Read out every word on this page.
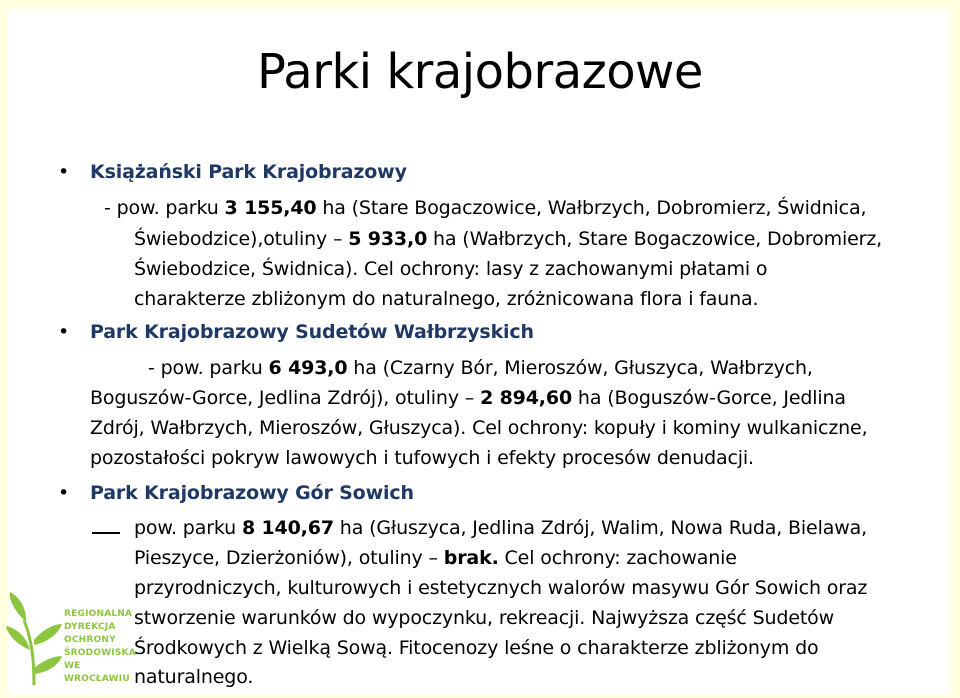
Parki krajobrazowe
• Książański Park Krajobrazowy
- pow. parku 3 155,40 ha (Stare Bogaczowice, Wałbrzych, Dobromierz, Świdnica,
Świebodzice),otuliny – 5 933,0 ha (Wałbrzych, Stare Bogaczowice, Dobromierz,
Świebodzice, Świdnica). Cel ochrony: lasy z zachowanymi płatami o
charakterze zbliżonym do naturalnego, zróżnicowana flora i fauna.
• Park Krajobrazowy Sudetów Wałbrzyskich
- pow. parku 6 493,0 ha (Czarny Bór, Mieroszów, Głuszyca, Wałbrzych,
Boguszów-Gorce, Jedlina Zdrój), otuliny – 2 894,60 ha (Boguszów-Gorce, Jedlina
Zdrój, Wałbrzych, Mieroszów, Głuszyca). Cel ochrony: kopuły i kominy wulkaniczne,
pozostałości pokryw lawowych i tufowych i efekty procesów denudacji.
• Park Krajobrazowy Gór Sowich
pow. parku 8 140,67 ha (Głuszyca, Jedlina Zdrój, Walim, Nowa Ruda, Bielawa,
Pieszyce, Dzierżoniów), otuliny – brak. Cel ochrony: zachowanie
przyrodniczych, kulturowych i estetycznych walorów masywu Gór Sowich oraz
stworzenie warunków do wypoczynku, rekreacji. Najwyższa część Sudetów
Środkowych z Wielką Sową. Fitocenozy leśne o charakterze zbliżonym do
naturalnego.
REGIONALNA
DYREKCJA
OCHRONY
ŚRODOWISKA
WE WROCŁAWIU
